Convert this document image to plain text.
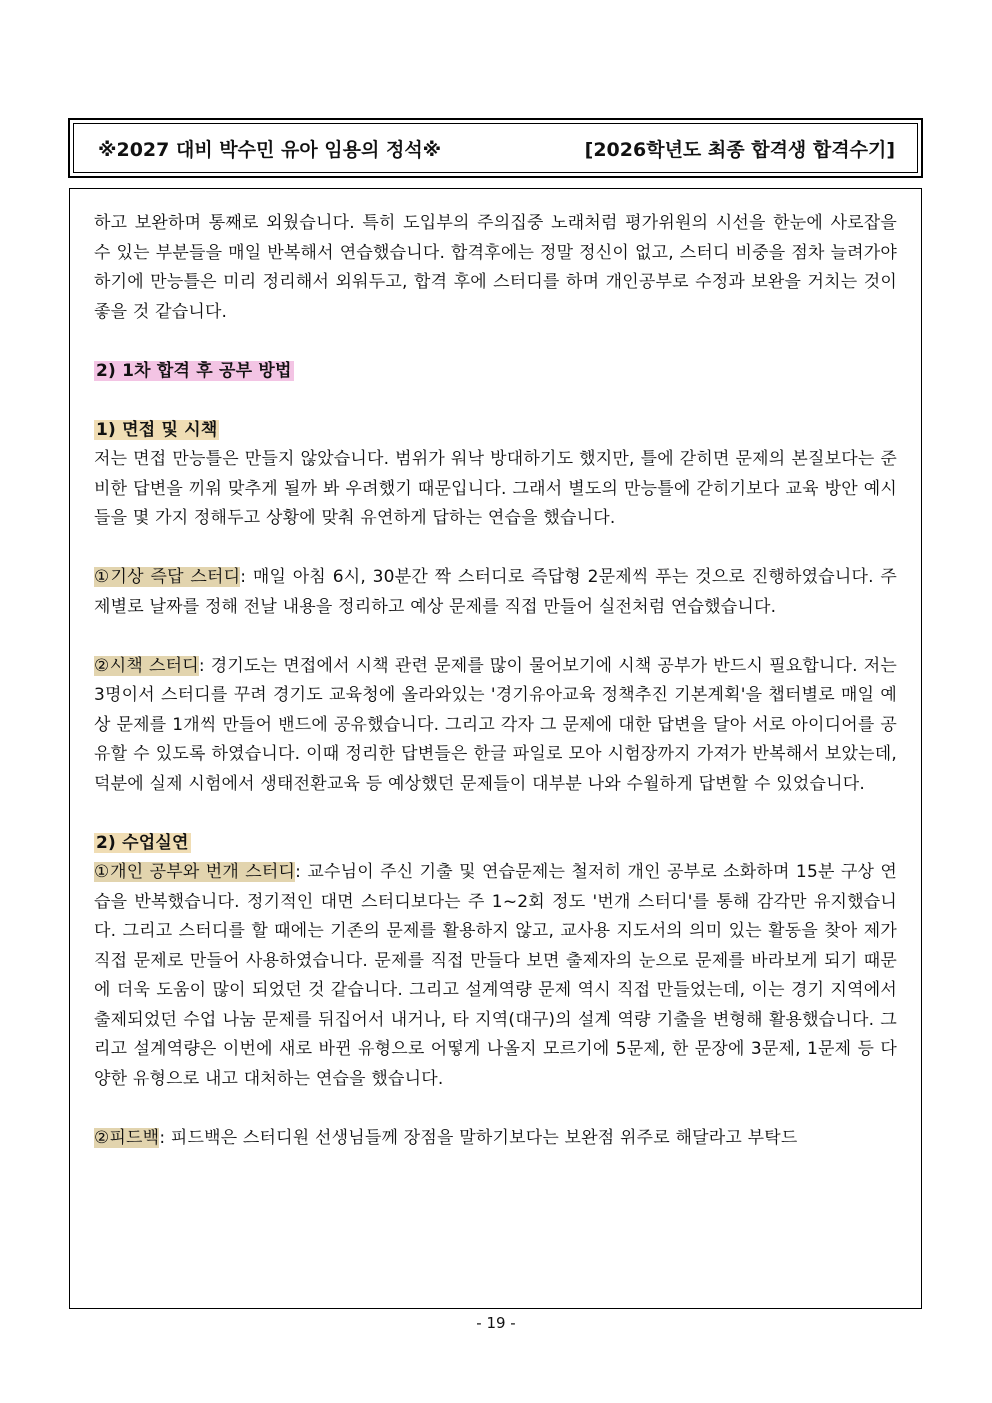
※2027 대비 박수민 유아 임용의 정석※	[2026학년도 최종 합격생 합격수기]

하고 보완하며 통째로 외웠습니다. 특히 도입부의 주의집중 노래처럼 평가위원의 시선을 한눈에 사로잡을 수 있는 부분들을 매일 반복해서 연습했습니다. 합격후에는 정말 정신이 없고, 스터디 비중을 점차 늘려가야 하기에 만능틀은 미리 정리해서 외워두고, 합격 후에 스터디를 하며 개인공부로 수정과 보완을 거치는 것이 좋을 것 같습니다.

2) 1차 합격 후 공부 방법

1) 면접 및 시책

저는 면접 만능틀은 만들지 않았습니다. 범위가 워낙 방대하기도 했지만, 틀에 갇히면 문제의 본질보다는 준비한 답변을 끼워 맞추게 될까 봐 우려했기 때문입니다. 그래서 별도의 만능틀에 갇히기보다 교육 방안 예시들을 몇 가지 정해두고 상황에 맞춰 유연하게 답하는 연습을 했습니다.

①기상 즉답 스터디: 매일 아침 6시, 30분간 짝 스터디로 즉답형 2문제씩 푸는 것으로 진행하였습니다. 주제별로 날짜를 정해 전날 내용을 정리하고 예상 문제를 직접 만들어 실전처럼 연습했습니다.

②시책 스터디: 경기도는 면접에서 시책 관련 문제를 많이 물어보기에 시책 공부가 반드시 필요합니다. 저는 3명이서 스터디를 꾸려 경기도 교육청에 올라와있는 '경기유아교육 정책추진 기본계획'을 챕터별로 매일 예상 문제를 1개씩 만들어 밴드에 공유했습니다. 그리고 각자 그 문제에 대한 답변을 달아 서로 아이디어를 공유할 수 있도록 하였습니다. 이때 정리한 답변들은 한글 파일로 모아 시험장까지 가져가 반복해서 보았는데, 덕분에 실제 시험에서 생태전환교육 등 예상했던 문제들이 대부분 나와 수월하게 답변할 수 있었습니다.

2) 수업실연

①개인 공부와 번개 스터디: 교수님이 주신 기출 및 연습문제는 철저히 개인 공부로 소화하며 15분 구상 연습을 반복했습니다. 정기적인 대면 스터디보다는 주 1~2회 정도 '번개 스터디'를 통해 감각만 유지했습니다. 그리고 스터디를 할 때에는 기존의 문제를 활용하지 않고, 교사용 지도서의 의미 있는 활동을 찾아 제가 직접 문제로 만들어 사용하였습니다. 문제를 직접 만들다 보면 출제자의 눈으로 문제를 바라보게 되기 때문에 더욱 도움이 많이 되었던 것 같습니다. 그리고 설계역량 문제 역시 직접 만들었는데, 이는 경기 지역에서 출제되었던 수업 나눔 문제를 뒤집어서 내거나, 타 지역(대구)의 설계 역량 기출을 변형해 활용했습니다. 그리고 설계역량은 이번에 새로 바뀐 유형으로 어떻게 나올지 모르기에 5문제, 한 문장에 3문제, 1문제 등 다양한 유형으로 내고 대처하는 연습을 했습니다.

②피드백: 피드백은 스터디원 선생님들께 장점을 말하기보다는 보완점 위주로 해달라고 부탁드

- 19 -
